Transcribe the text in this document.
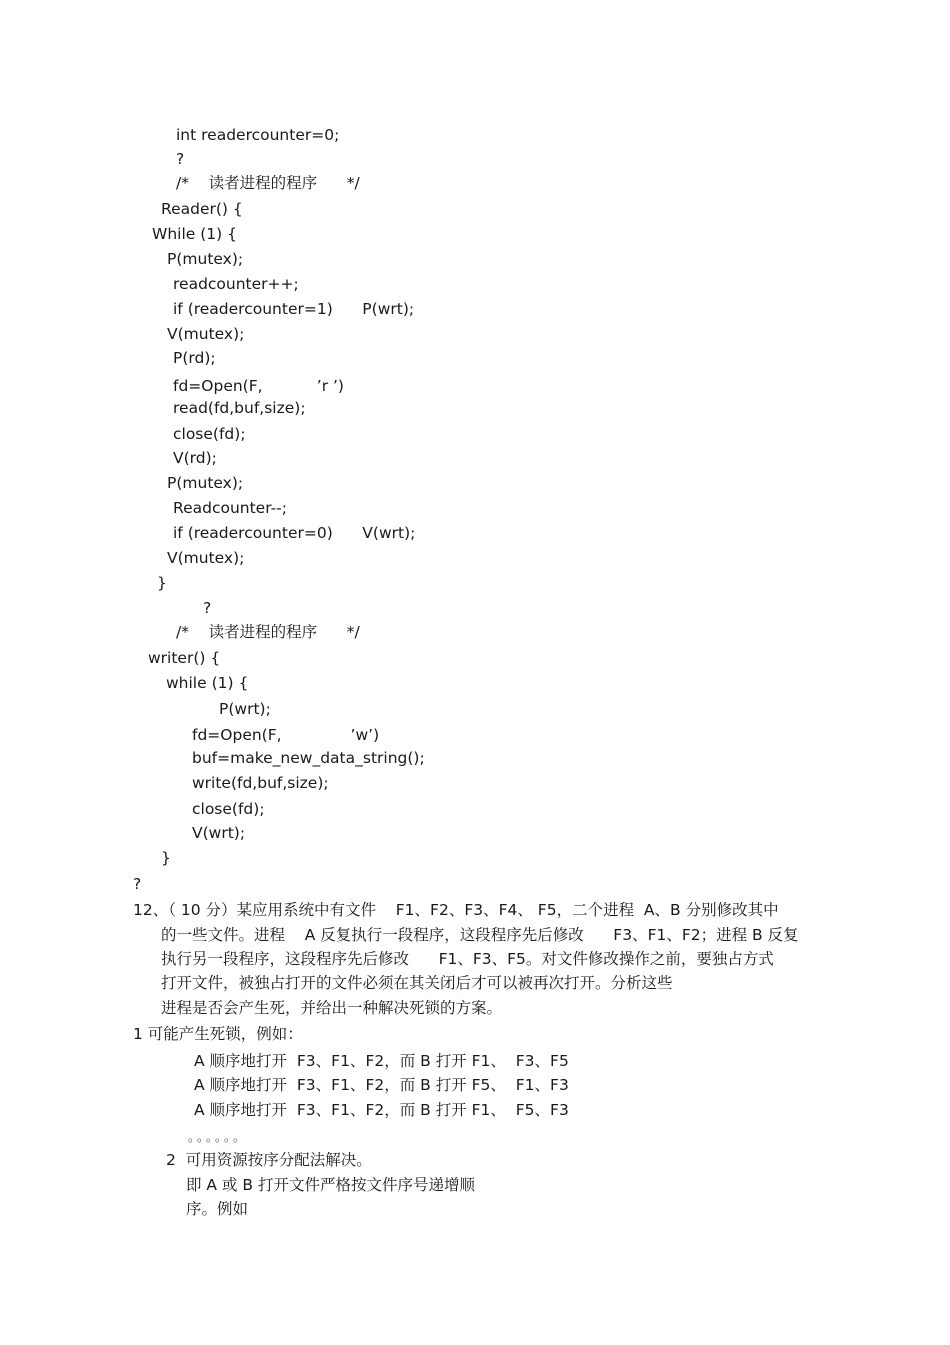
int readercounter=0;

?

/*    读者进程的程序      */

Reader() {

While (1) {

P(mutex);

readcounter++;

if (readercounter=1)      P(wrt);

V(mutex);

P(rd);

fd=Open(F,           ’r ’)

read(fd,buf,size);

close(fd);

V(rd);

P(mutex);

Readcounter--;

if (readercounter=0)      V(wrt);

V(mutex);

}

?

/*    读者进程的程序      */

writer() {

while (1) {

P(wrt);

fd=Open(F,              ’w’)

buf=make_new_data_string();

write(fd,buf,size);

close(fd);

V(wrt);

}

?

12、（ 10 分）某应用系统中有文件    F1、F2、F3、F4、 F5，二个进程  A、B 分别修改其中

的一些文件。进程    A 反复执行一段程序，这段程序先后修改      F3、F1、F2；进程 B 反复

执行另一段程序，这段程序先后修改      F1、F3、F5。对文件修改操作之前，要独占方式

打开文件，被独占打开的文件必须在其关闭后才可以被再次打开。分析这些

进程是否会产生死，并给出一种解决死锁的方案。

1 可能产生死锁，例如：

A 顺序地打开  F3、F1、F2，而 B 打开 F1、  F3、F5

A 顺序地打开  F3、F1、F2，而 B 打开 F5、  F1、F3

A 顺序地打开  F3、F1、F2，而 B 打开 F1、  F5、F3

。。。。。。

2  可用资源按序分配法解决。

即 A 或 B 打开文件严格按文件序号递增顺

序。例如
